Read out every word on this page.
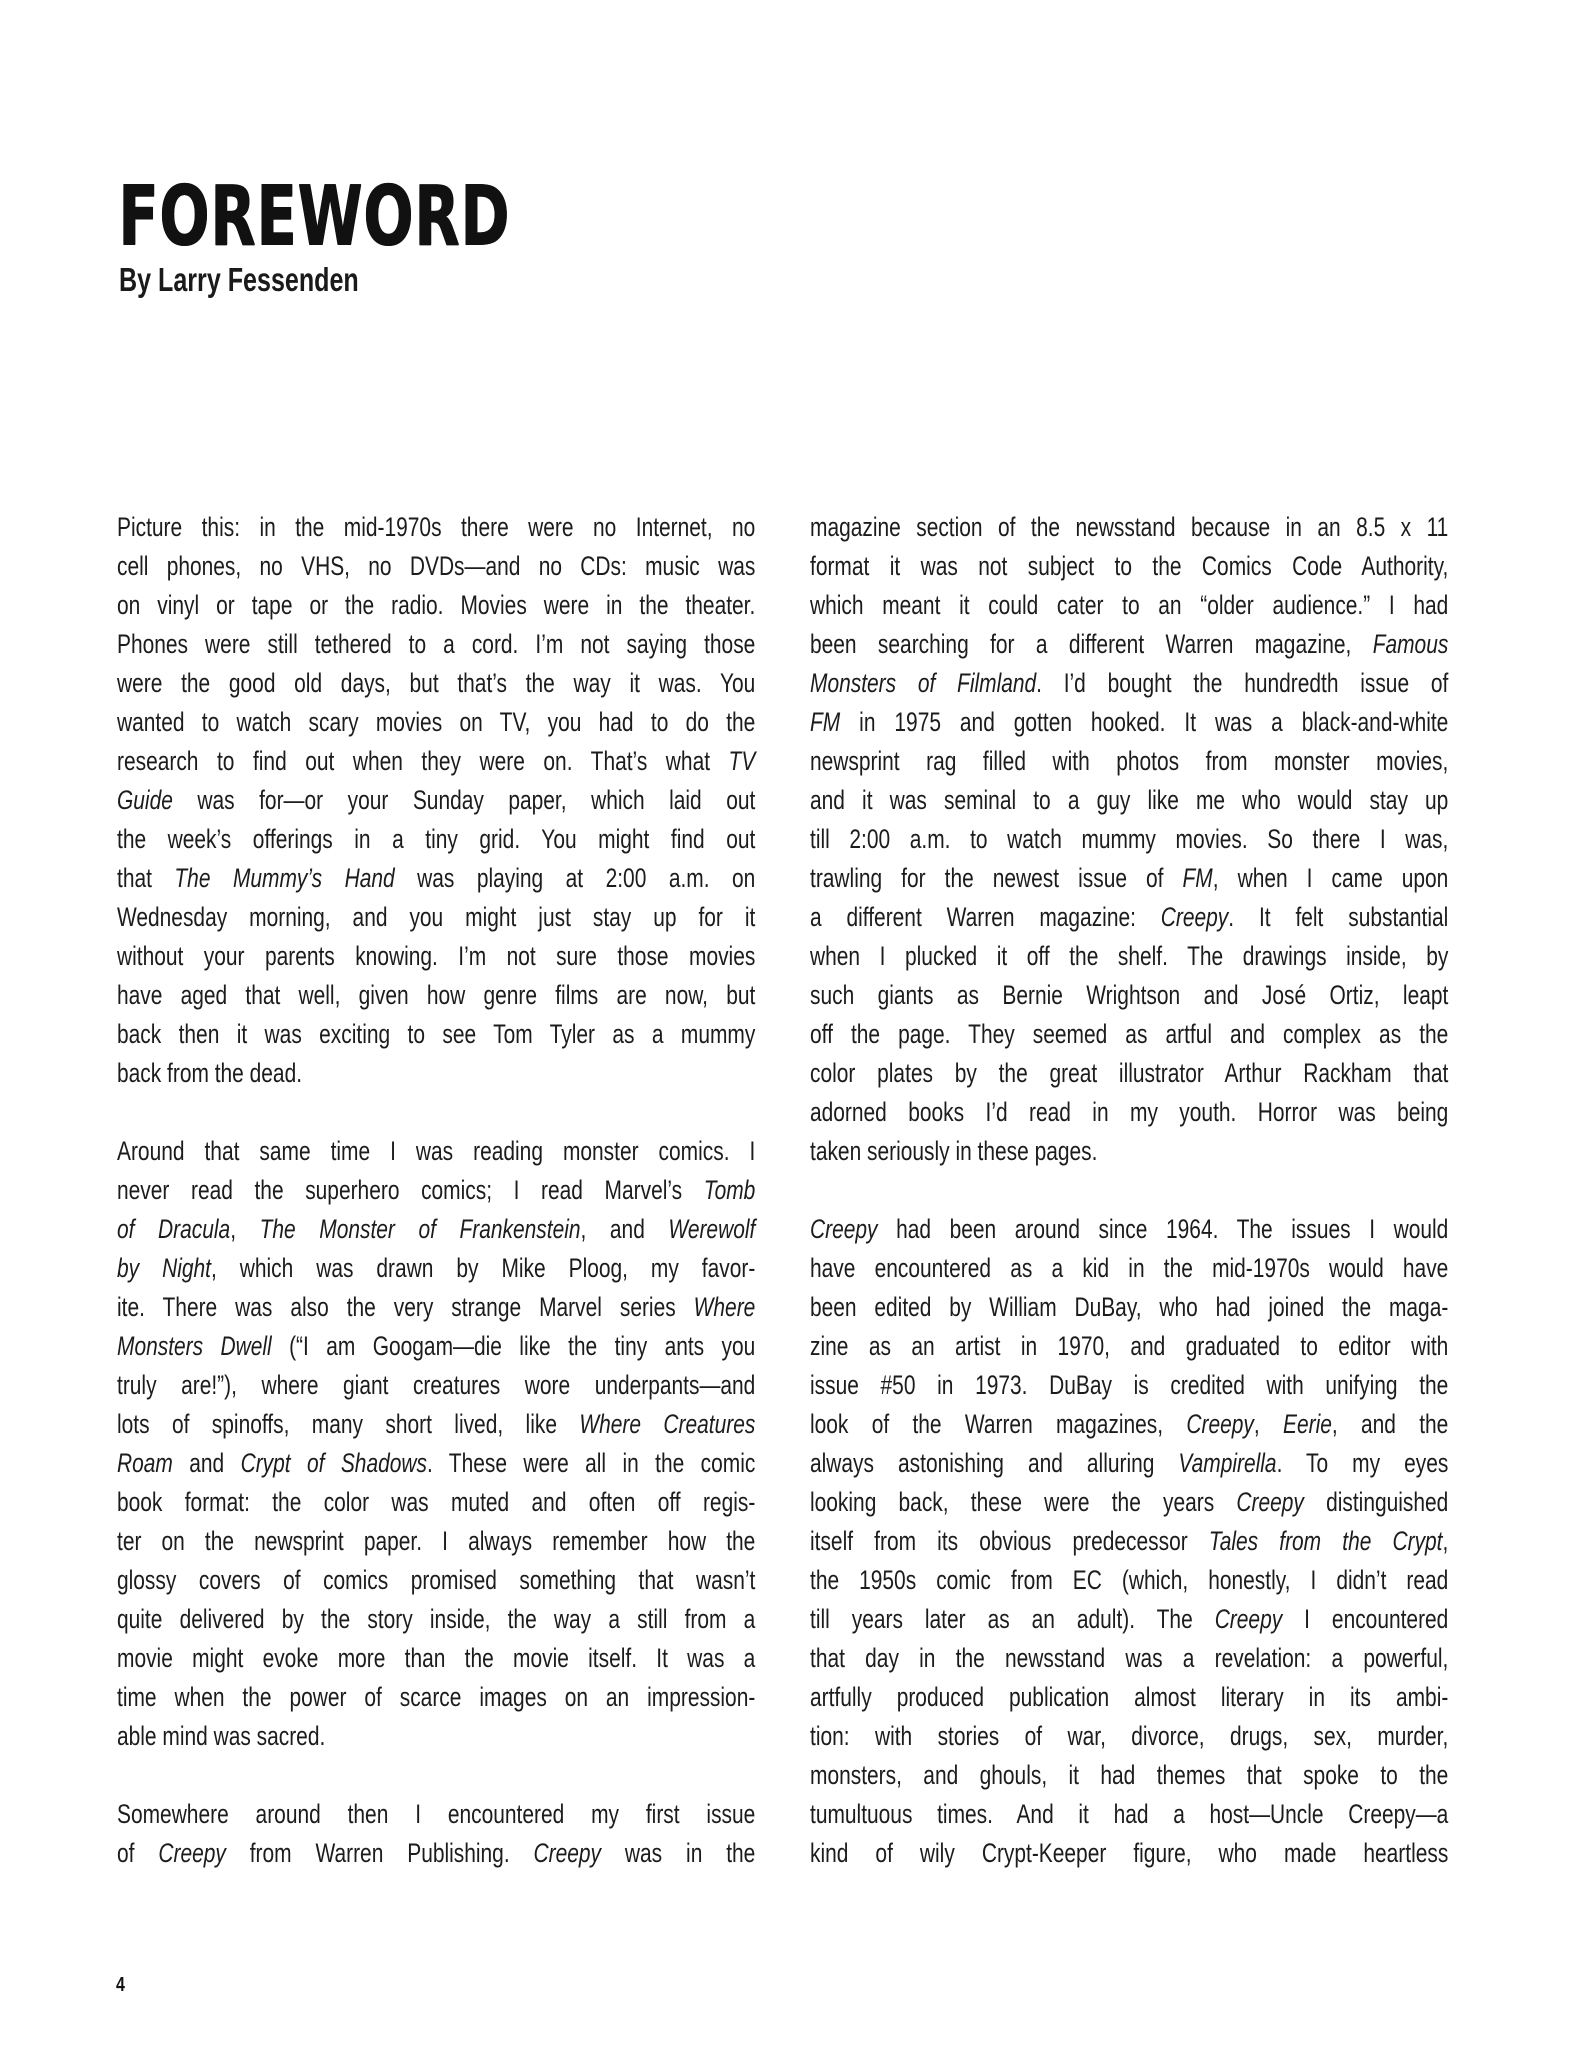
FOREWORD
By Larry Fessenden
Picture this: in the mid-1970s there were no Internet, no
cell phones, no VHS, no DVDs—and no CDs: music was
on vinyl or tape or the radio. Movies were in the theater.
Phones were still tethered to a cord. I’m not saying those
were the good old days, but that’s the way it was. You
wanted to watch scary movies on TV, you had to do the
research to find out when they were on. That’s what TV
Guide was for—or your Sunday paper, which laid out
the week’s offerings in a tiny grid. You might find out
that The Mummy’s Hand was playing at 2:00 a.m. on
Wednesday morning, and you might just stay up for it
without your parents knowing. I’m not sure those movies
have aged that well, given how genre films are now, but
back then it was exciting to see Tom Tyler as a mummy
back from the dead.
Around that same time I was reading monster comics. I
never read the superhero comics; I read Marvel’s Tomb
of Dracula, The Monster of Frankenstein, and Werewolf
by Night, which was drawn by Mike Ploog, my favor-
ite. There was also the very strange Marvel series Where
Monsters Dwell (“I am Googam—die like the tiny ants you
truly are!”), where giant creatures wore underpants—and
lots of spinoffs, many short lived, like Where Creatures
Roam and Crypt of Shadows. These were all in the comic
book format: the color was muted and often off regis-
ter on the newsprint paper. I always remember how the
glossy covers of comics promised something that wasn’t
quite delivered by the story inside, the way a still from a
movie might evoke more than the movie itself. It was a
time when the power of scarce images on an impression-
able mind was sacred.
Somewhere around then I encountered my first issue
of Creepy from Warren Publishing. Creepy was in the
magazine section of the newsstand because in an 8.5 x 11
format it was not subject to the Comics Code Authority,
which meant it could cater to an “older audience.” I had
been searching for a different Warren magazine, Famous
Monsters of Filmland. I’d bought the hundredth issue of
FM in 1975 and gotten hooked. It was a black-and-white
newsprint rag filled with photos from monster movies,
and it was seminal to a guy like me who would stay up
till 2:00 a.m. to watch mummy movies. So there I was,
trawling for the newest issue of FM, when I came upon
a different Warren magazine: Creepy. It felt substantial
when I plucked it off the shelf. The drawings inside, by
such giants as Bernie Wrightson and José Ortiz, leapt
off the page. They seemed as artful and complex as the
color plates by the great illustrator Arthur Rackham that
adorned books I’d read in my youth. Horror was being
taken seriously in these pages.
Creepy had been around since 1964. The issues I would
have encountered as a kid in the mid-1970s would have
been edited by William DuBay, who had joined the maga-
zine as an artist in 1970, and graduated to editor with
issue #50 in 1973. DuBay is credited with unifying the
look of the Warren magazines, Creepy, Eerie, and the
always astonishing and alluring Vampirella. To my eyes
looking back, these were the years Creepy distinguished
itself from its obvious predecessor Tales from the Crypt,
the 1950s comic from EC (which, honestly, I didn’t read
till years later as an adult). The Creepy I encountered
that day in the newsstand was a revelation: a powerful,
artfully produced publication almost literary in its ambi-
tion: with stories of war, divorce, drugs, sex, murder,
monsters, and ghouls, it had themes that spoke to the
tumultuous times. And it had a host—Uncle Creepy—a
kind of wily Crypt-Keeper figure, who made heartless
4
